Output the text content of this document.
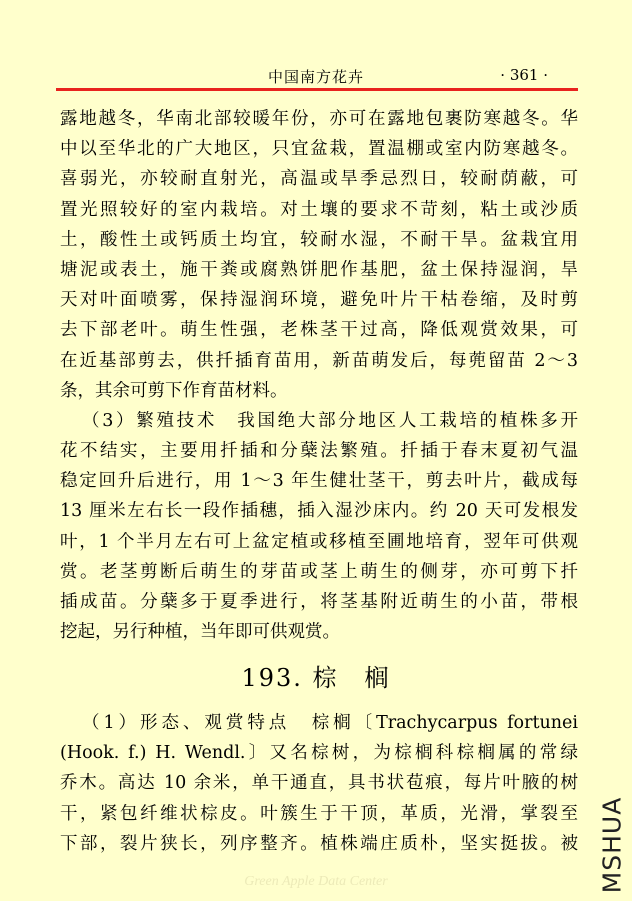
中国南方花卉	· 361 ·
露地越冬，华南北部较暖年份，亦可在露地包裹防寒越冬。华
中以至华北的广大地区，只宜盆栽，置温棚或室内防寒越冬。
喜弱光，亦较耐直射光，高温或旱季忌烈日，较耐荫蔽，可
置光照较好的室内栽培。对土壤的要求不苛刻，粘土或沙质
土，酸性土或钙质土均宜，较耐水湿，不耐干旱。盆栽宜用
塘泥或表土，施干粪或腐熟饼肥作基肥，盆土保持湿润，旱
天对叶面喷雾，保持湿润环境，避免叶片干枯卷缩，及时剪
去下部老叶。萌生性强，老株茎干过高，降低观赏效果，可
在近基部剪去，供扦插育苗用，新苗萌发后，每蔸留苗 2～3
条，其余可剪下作育苗材料。
（3）繁殖技术　我国绝大部分地区人工栽培的植株多开
花不结实，主要用扦插和分蘖法繁殖。扦插于春末夏初气温
稳定回升后进行，用 1～3 年生健壮茎干，剪去叶片，截成每
13 厘米左右长一段作插穗，插入湿沙床内。约 20 天可发根发
叶，1 个半月左右可上盆定植或移植至圃地培育，翌年可供观
赏。老茎剪断后萌生的芽苗或茎上萌生的侧芽，亦可剪下扦
插成苗。分蘖多于夏季进行，将茎基附近萌生的小苗，带根
挖起，另行种植，当年即可供观赏。
193. 棕　榈
（1）形态、观赏特点　棕榈〔Trachycarpus fortunei
(Hook. f.) H. Wendl.〕又名棕树，为棕榈科棕榈属的常绿
乔木。高达 10 余米，单干通直，具书状苞痕，每片叶腋的树
干，紧包纤维状棕皮。叶簇生于干顶，革质，光滑，掌裂至
下部，裂片狭长，列序整齐。植株端庄质朴，坚实挺拔。被
Green Apple Data Center	MSHUA
